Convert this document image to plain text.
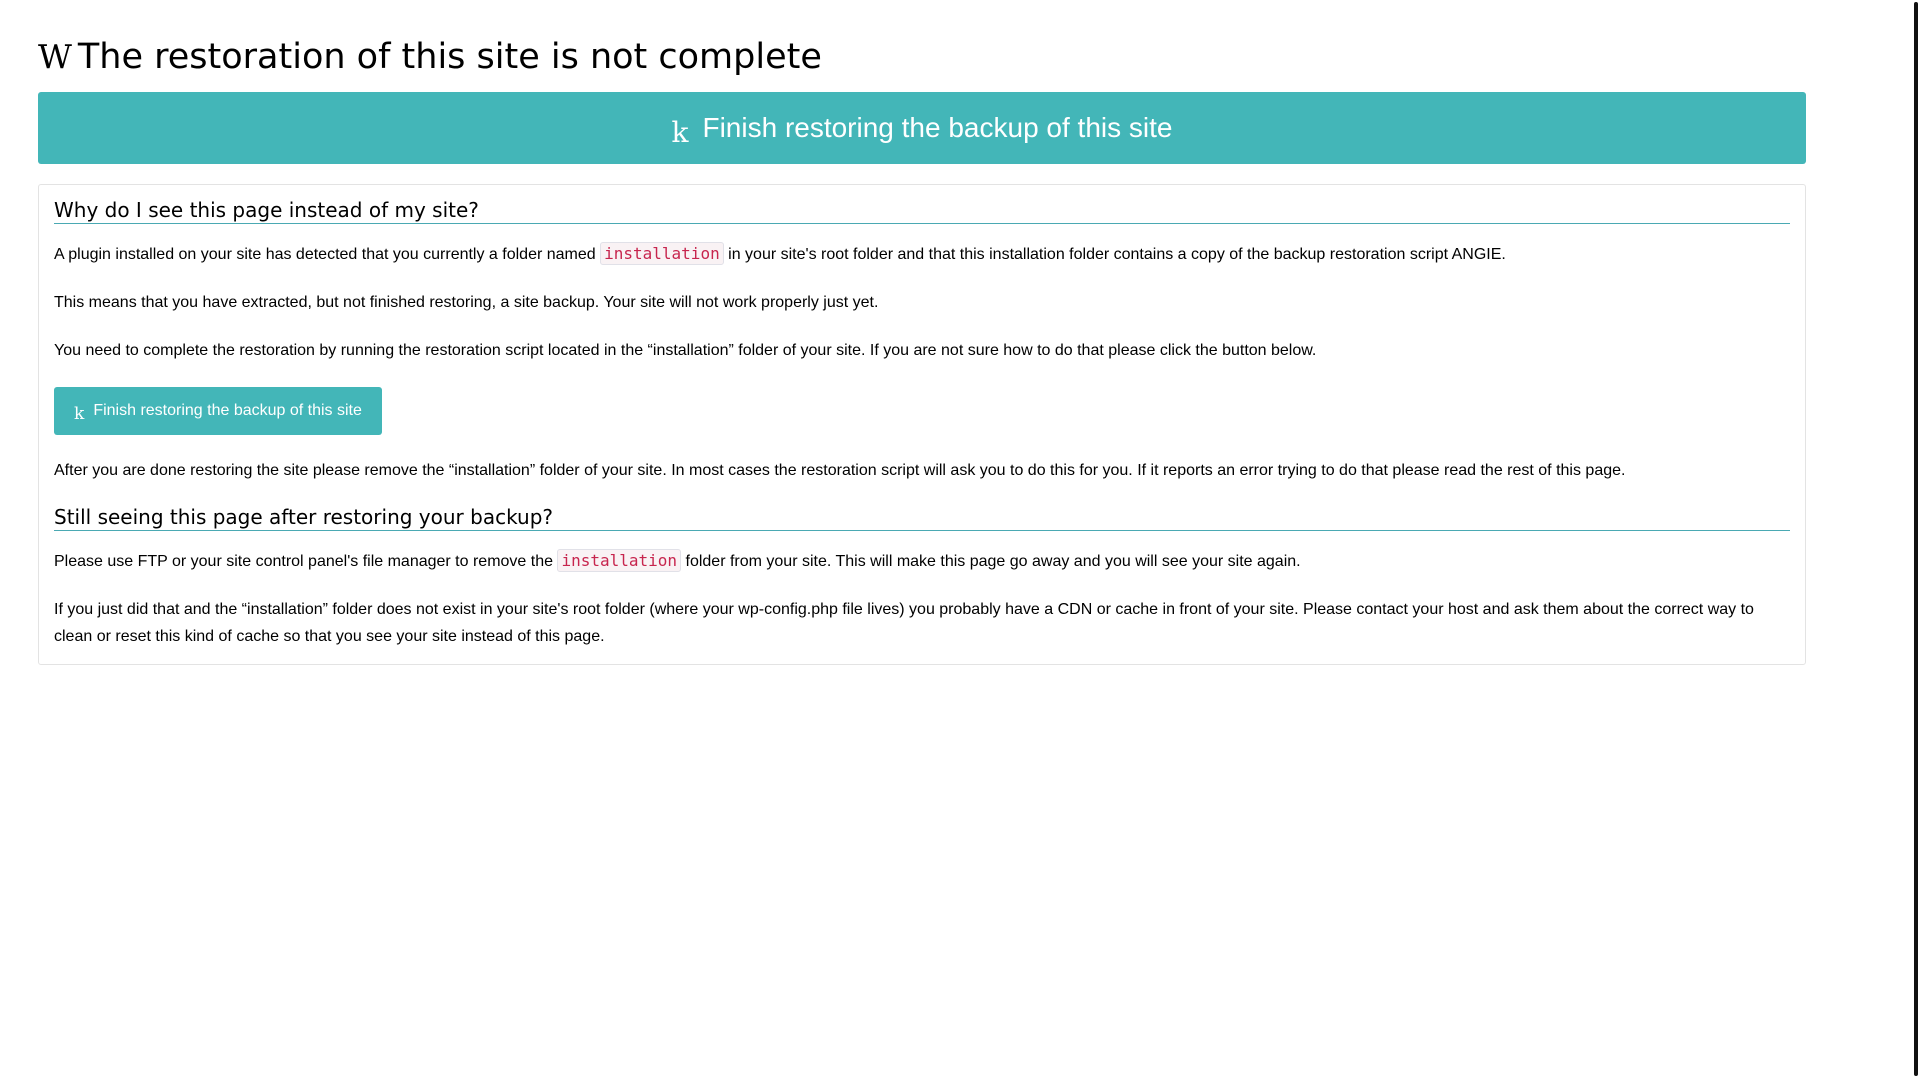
W The restoration of this site is not complete
k Finish restoring the backup of this site
Why do I see this page instead of my site?

A plugin installed on your site has detected that you currently a folder named installation in your site's root folder and that this installation folder contains a copy of the backup restoration script ANGIE.

This means that you have extracted, but not finished restoring, a site backup. Your site will not work properly just yet.

You need to complete the restoration by running the restoration script located in the “installation” folder of your site. If you are not sure how to do that please click the button below.

k Finish restoring the backup of this site

After you are done restoring the site please remove the “installation” folder of your site. In most cases the restoration script will ask you to do this for you. If it reports an error trying to do that please read the rest of this page.

Still seeing this page after restoring your backup?

Please use FTP or your site control panel's file manager to remove the installation folder from your site. This will make this page go away and you will see your site again.

If you just did that and the “installation” folder does not exist in your site's root folder (where your wp-config.php file lives) you probably have a CDN or cache in front of your site. Please contact your host and ask them about the correct way to clean or reset this kind of cache so that you see your site instead of this page.
